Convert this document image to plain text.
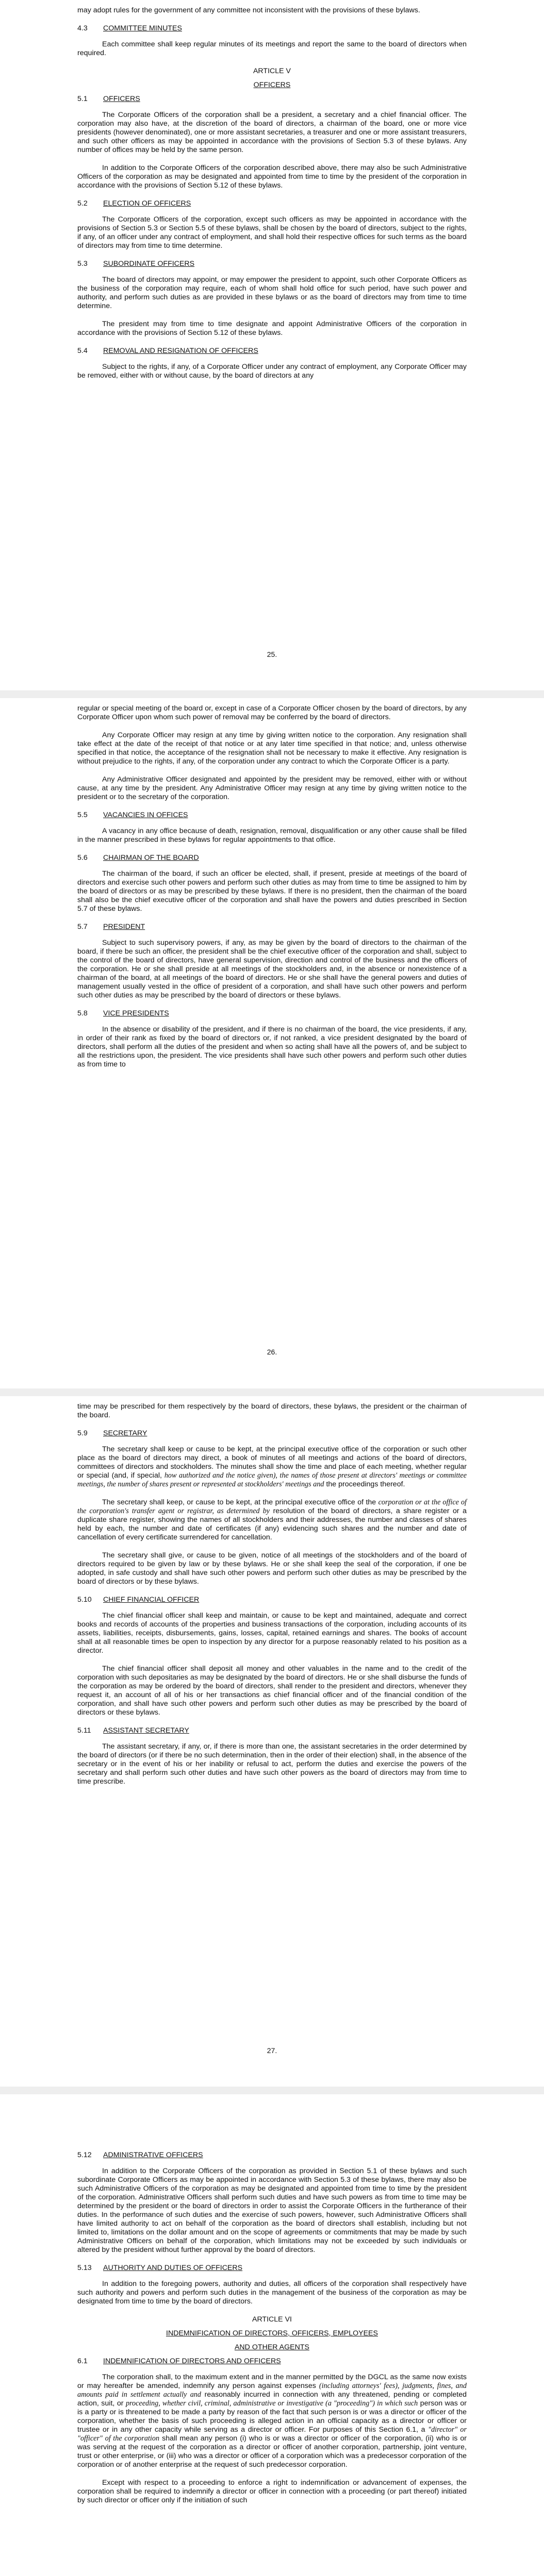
may adopt rules for the government of any committee not inconsistent with the provisions of these bylaws.

4.3	COMMITTEE MINUTES

Each committee shall keep regular minutes of its meetings and report the same to the board of directors when required.

ARTICLE V
OFFICERS
5.1	OFFICERS

The Corporate Officers of the corporation shall be a president, a secretary and a chief financial officer. The corporation may also have, at the discretion of the board of directors, a chairman of the board, one or more vice presidents (however denominated), one or more assistant secretaries, a treasurer and one or more assistant treasurers, and such other officers as may be appointed in accordance with the provisions of Section 5.3 of these bylaws. Any number of offices may be held by the same person.

In addition to the Corporate Officers of the corporation described above, there may also be such Administrative Officers of the corporation as may be designated and appointed from time to time by the president of the corporation in accordance with the provisions of Section 5.12 of these bylaws.

5.2	ELECTION OF OFFICERS

The Corporate Officers of the corporation, except such officers as may be appointed in accordance with the provisions of Section 5.3 or Section 5.5 of these bylaws, shall be chosen by the board of directors, subject to the rights, if any, of an officer under any contract of employment, and shall hold their respective offices for such terms as the board of directors may from time to time determine.

5.3	SUBORDINATE OFFICERS

The board of directors may appoint, or may empower the president to appoint, such other Corporate Officers as the business of the corporation may require, each of whom shall hold office for such period, have such power and authority, and perform such duties as are provided in these bylaws or as the board of directors may from time to time determine.

The president may from time to time designate and appoint Administrative Officers of the corporation in accordance with the provisions of Section 5.12 of these bylaws.

5.4	REMOVAL AND RESIGNATION OF OFFICERS

Subject to the rights, if any, of a Corporate Officer under any contract of employment, any Corporate Officer may be removed, either with or without cause, by the board of directors at any

25.

regular or special meeting of the board or, except in case of a Corporate Officer chosen by the board of directors, by any Corporate Officer upon whom such power of removal may be conferred by the board of directors.

Any Corporate Officer may resign at any time by giving written notice to the corporation. Any resignation shall take effect at the date of the receipt of that notice or at any later time specified in that notice; and, unless otherwise specified in that notice, the acceptance of the resignation shall not be necessary to make it effective. Any resignation is without prejudice to the rights, if any, of the corporation under any contract to which the Corporate Officer is a party.

Any Administrative Officer designated and appointed by the president may be removed, either with or without cause, at any time by the president. Any Administrative Officer may resign at any time by giving written notice to the president or to the secretary of the corporation.

5.5	VACANCIES IN OFFICES

A vacancy in any office because of death, resignation, removal, disqualification or any other cause shall be filled in the manner prescribed in these bylaws for regular appointments to that office.

5.6	CHAIRMAN OF THE BOARD

The chairman of the board, if such an officer be elected, shall, if present, preside at meetings of the board of directors and exercise such other powers and perform such other duties as may from time to time be assigned to him by the board of directors or as may be prescribed by these bylaws. If there is no president, then the chairman of the board shall also be the chief executive officer of the corporation and shall have the powers and duties prescribed in Section 5.7 of these bylaws.

5.7	PRESIDENT

Subject to such supervisory powers, if any, as may be given by the board of directors to the chairman of the board, if there be such an officer, the president shall be the chief executive officer of the corporation and shall, subject to the control of the board of directors, have general supervision, direction and control of the business and the officers of the corporation. He or she shall preside at all meetings of the stockholders and, in the absence or nonexistence of a chairman of the board, at all meetings of the board of directors. He or she shall have the general powers and duties of management usually vested in the office of president of a corporation, and shall have such other powers and perform such other duties as may be prescribed by the board of directors or these bylaws.

5.8	VICE PRESIDENTS

In the absence or disability of the president, and if there is no chairman of the board, the vice presidents, if any, in order of their rank as fixed by the board of directors or, if not ranked, a vice president designated by the board of directors, shall perform all the duties of the president and when so acting shall have all the powers of, and be subject to all the restrictions upon, the president. The vice presidents shall have such other powers and perform such other duties as from time to

26.

time may be prescribed for them respectively by the board of directors, these bylaws, the president or the chairman of the board.

5.9	SECRETARY

The secretary shall keep or cause to be kept, at the principal executive office of the corporation or such other place as the board of directors may direct, a book of minutes of all meetings and actions of the board of directors, committees of directors and stockholders. The minutes shall show the time and place of each meeting, whether regular or special (and, if special, how authorized and the notice given), the names of those present at directors' meetings or committee meetings, the number of shares present or represented at stockholders' meetings and the proceedings thereof.

The secretary shall keep, or cause to be kept, at the principal executive office of the corporation or at the office of the corporation's transfer agent or registrar, as determined by resolution of the board of directors, a share register or a duplicate share register, showing the names of all stockholders and their addresses, the number and classes of shares held by each, the number and date of certificates (if any) evidencing such shares and the number and date of cancellation of every certificate surrendered for cancellation.

The secretary shall give, or cause to be given, notice of all meetings of the stockholders and of the board of directors required to be given by law or by these bylaws. He or she shall keep the seal of the corporation, if one be adopted, in safe custody and shall have such other powers and perform such other duties as may be prescribed by the board of directors or by these bylaws.

5.10	CHIEF FINANCIAL OFFICER

The chief financial officer shall keep and maintain, or cause to be kept and maintained, adequate and correct books and records of accounts of the properties and business transactions of the corporation, including accounts of its assets, liabilities, receipts, disbursements, gains, losses, capital, retained earnings and shares. The books of account shall at all reasonable times be open to inspection by any director for a purpose reasonably related to his position as a director.

The chief financial officer shall deposit all money and other valuables in the name and to the credit of the corporation with such depositaries as may be designated by the board of directors. He or she shall disburse the funds of the corporation as may be ordered by the board of directors, shall render to the president and directors, whenever they request it, an account of all of his or her transactions as chief financial officer and of the financial condition of the corporation, and shall have such other powers and perform such other duties as may be prescribed by the board of directors or these bylaws.

5.11	ASSISTANT SECRETARY

The assistant secretary, if any, or, if there is more than one, the assistant secretaries in the order determined by the board of directors (or if there be no such determination, then in the order of their election) shall, in the absence of the secretary or in the event of his or her inability or refusal to act, perform the duties and exercise the powers of the secretary and shall perform such other duties and have such other powers as the board of directors may from time to time prescribe.

27.
5.12	ADMINISTRATIVE OFFICERS

In addition to the Corporate Officers of the corporation as provided in Section 5.1 of these bylaws and such subordinate Corporate Officers as may be appointed in accordance with Section 5.3 of these bylaws, there may also be such Administrative Officers of the corporation as may be designated and appointed from time to time by the president of the corporation. Administrative Officers shall perform such duties and have such powers as from time to time may be determined by the president or the board of directors in order to assist the Corporate Officers in the furtherance of their duties. In the performance of such duties and the exercise of such powers, however, such Administrative Officers shall have limited authority to act on behalf of the corporation as the board of directors shall establish, including but not limited to, limitations on the dollar amount and on the scope of agreements or commitments that may be made by such Administrative Officers on behalf of the corporation, which limitations may not be exceeded by such individuals or altered by the president without further approval by the board of directors.

5.13	AUTHORITY AND DUTIES OF OFFICERS

In addition to the foregoing powers, authority and duties, all officers of the corporation shall respectively have such authority and powers and perform such duties in the management of the business of the corporation as may be designated from time to time by the board of directors.

ARTICLE VI
INDEMNIFICATION OF DIRECTORS, OFFICERS, EMPLOYEES
AND OTHER AGENTS
6.1	INDEMNIFICATION OF DIRECTORS AND OFFICERS

The corporation shall, to the maximum extent and in the manner permitted by the DGCL as the same now exists or may hereafter be amended, indemnify any person against expenses (including attorneys' fees), judgments, fines, and amounts paid in settlement actually and reasonably incurred in connection with any threatened, pending or completed action, suit, or proceeding, whether civil, criminal, administrative or investigative (a "proceeding") in which such person was or is a party or is threatened to be made a party by reason of the fact that such person is or was a director or officer of the corporation, whether the basis of such proceeding is alleged action in an official capacity as a director or officer or trustee or in any other capacity while serving as a director or officer. For purposes of this Section 6.1, a "director" or "officer" of the corporation shall mean any person (i) who is or was a director or officer of the corporation, (ii) who is or was serving at the request of the corporation as a director or officer of another corporation, partnership, joint venture, trust or other enterprise, or (iii) who was a director or officer of a corporation which was a predecessor corporation of the corporation or of another enterprise at the request of such predecessor corporation.

Except with respect to a proceeding to enforce a right to indemnification or advancement of expenses, the corporation shall be required to indemnify a director or officer in connection with a proceeding (or part thereof) initiated by such director or officer only if the initiation of such
